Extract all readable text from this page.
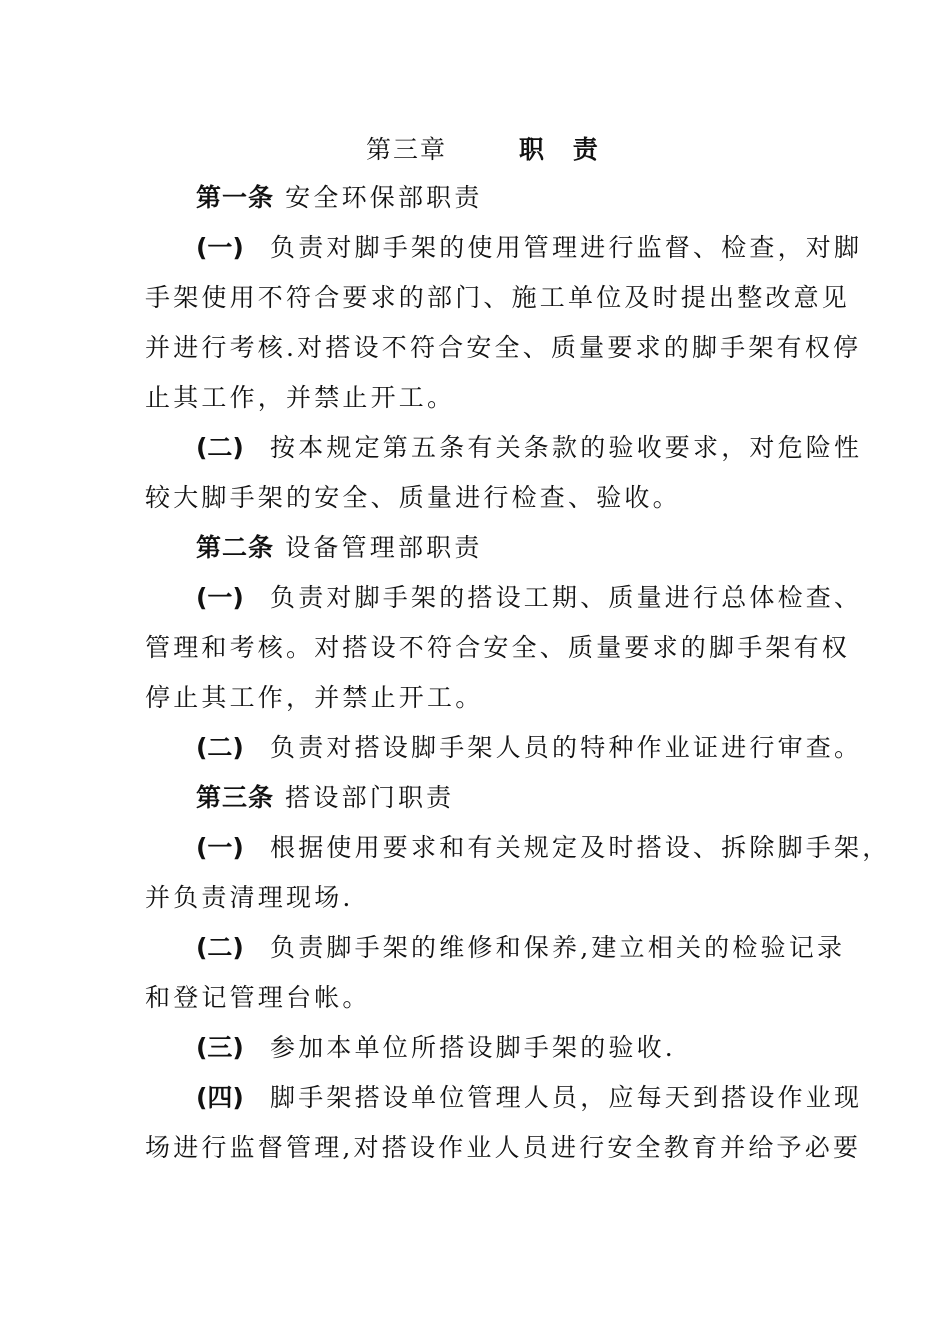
第三章	职 责
第一条 安全环保部职责
(一) 负责对脚手架的使用管理进行监督、检查，对脚
手架使用不符合要求的部门、施工单位及时提出整改意见
并进行考核.对搭设不符合安全、质量要求的脚手架有权停
止其工作，并禁止开工。
(二) 按本规定第五条有关条款的验收要求，对危险性
较大脚手架的安全、质量进行检查、验收。
第二条 设备管理部职责
(一) 负责对脚手架的搭设工期、质量进行总体检查、
管理和考核。对搭设不符合安全、质量要求的脚手架有权
停止其工作，并禁止开工。
(二) 负责对搭设脚手架人员的特种作业证进行审查。
第三条 搭设部门职责
(一) 根据使用要求和有关规定及时搭设、拆除脚手架，
并负责清理现场.
(二) 负责脚手架的维修和保养,建立相关的检验记录
和登记管理台帐。
(三) 参加本单位所搭设脚手架的验收.
(四) 脚手架搭设单位管理人员，应每天到搭设作业现
场进行监督管理,对搭设作业人员进行安全教育并给予必要
